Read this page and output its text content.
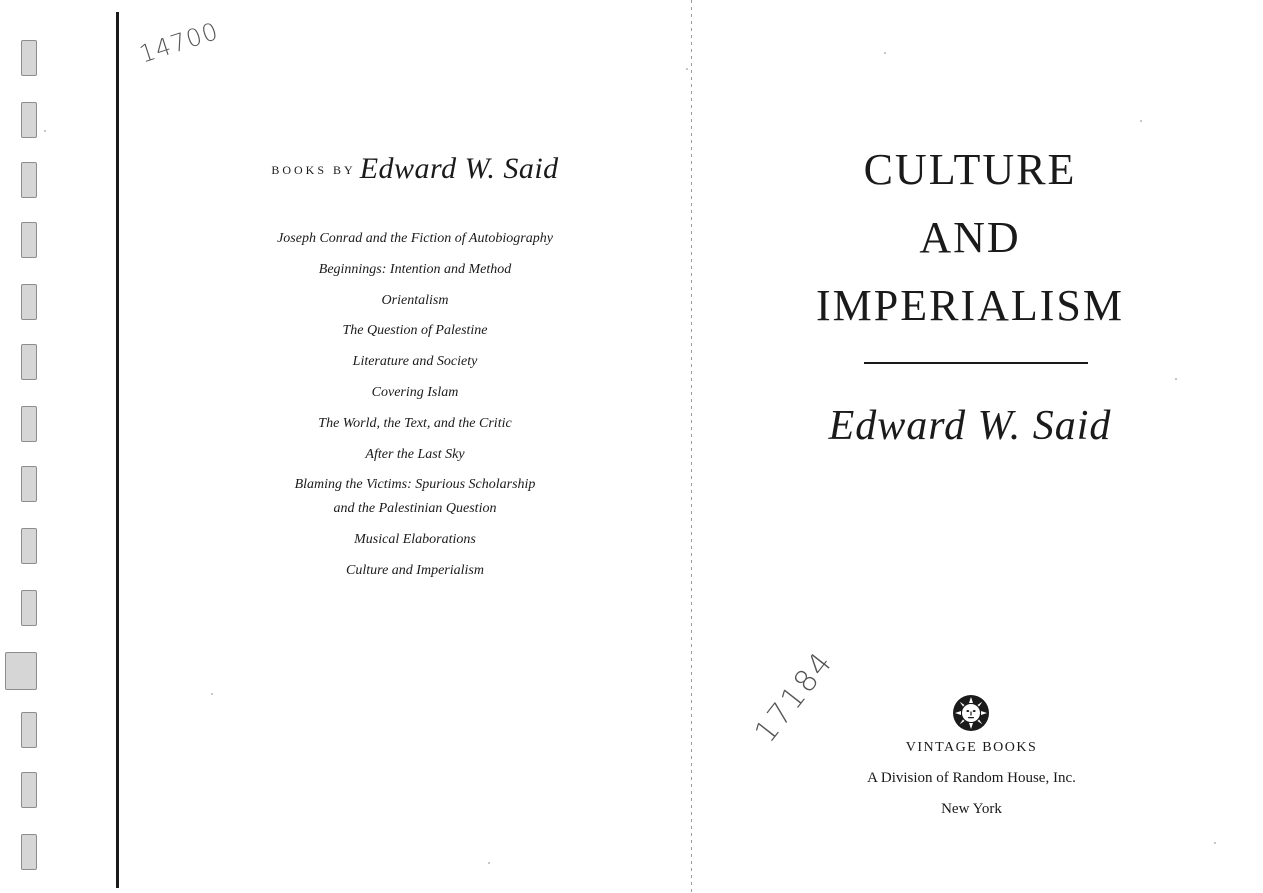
14700
17184
$^{BOOKS BY}$ Edward W. Said
Joseph Conrad and the Fiction of Autobiography
Beginnings: Intention and Method
Orientalism
The Question of Palestine
Literature and Society
Covering Islam
The World, the Text, and the Critic
After the Last Sky
Blaming the Victims: Spurious Scholarship
and the Palestinian Question
Musical Elaborations
Culture and Imperialism
CULTURE
AND
IMPERIALISM
Edward W. Said
VINTAGE BOOKS
A Division of Random House, Inc.
New York
